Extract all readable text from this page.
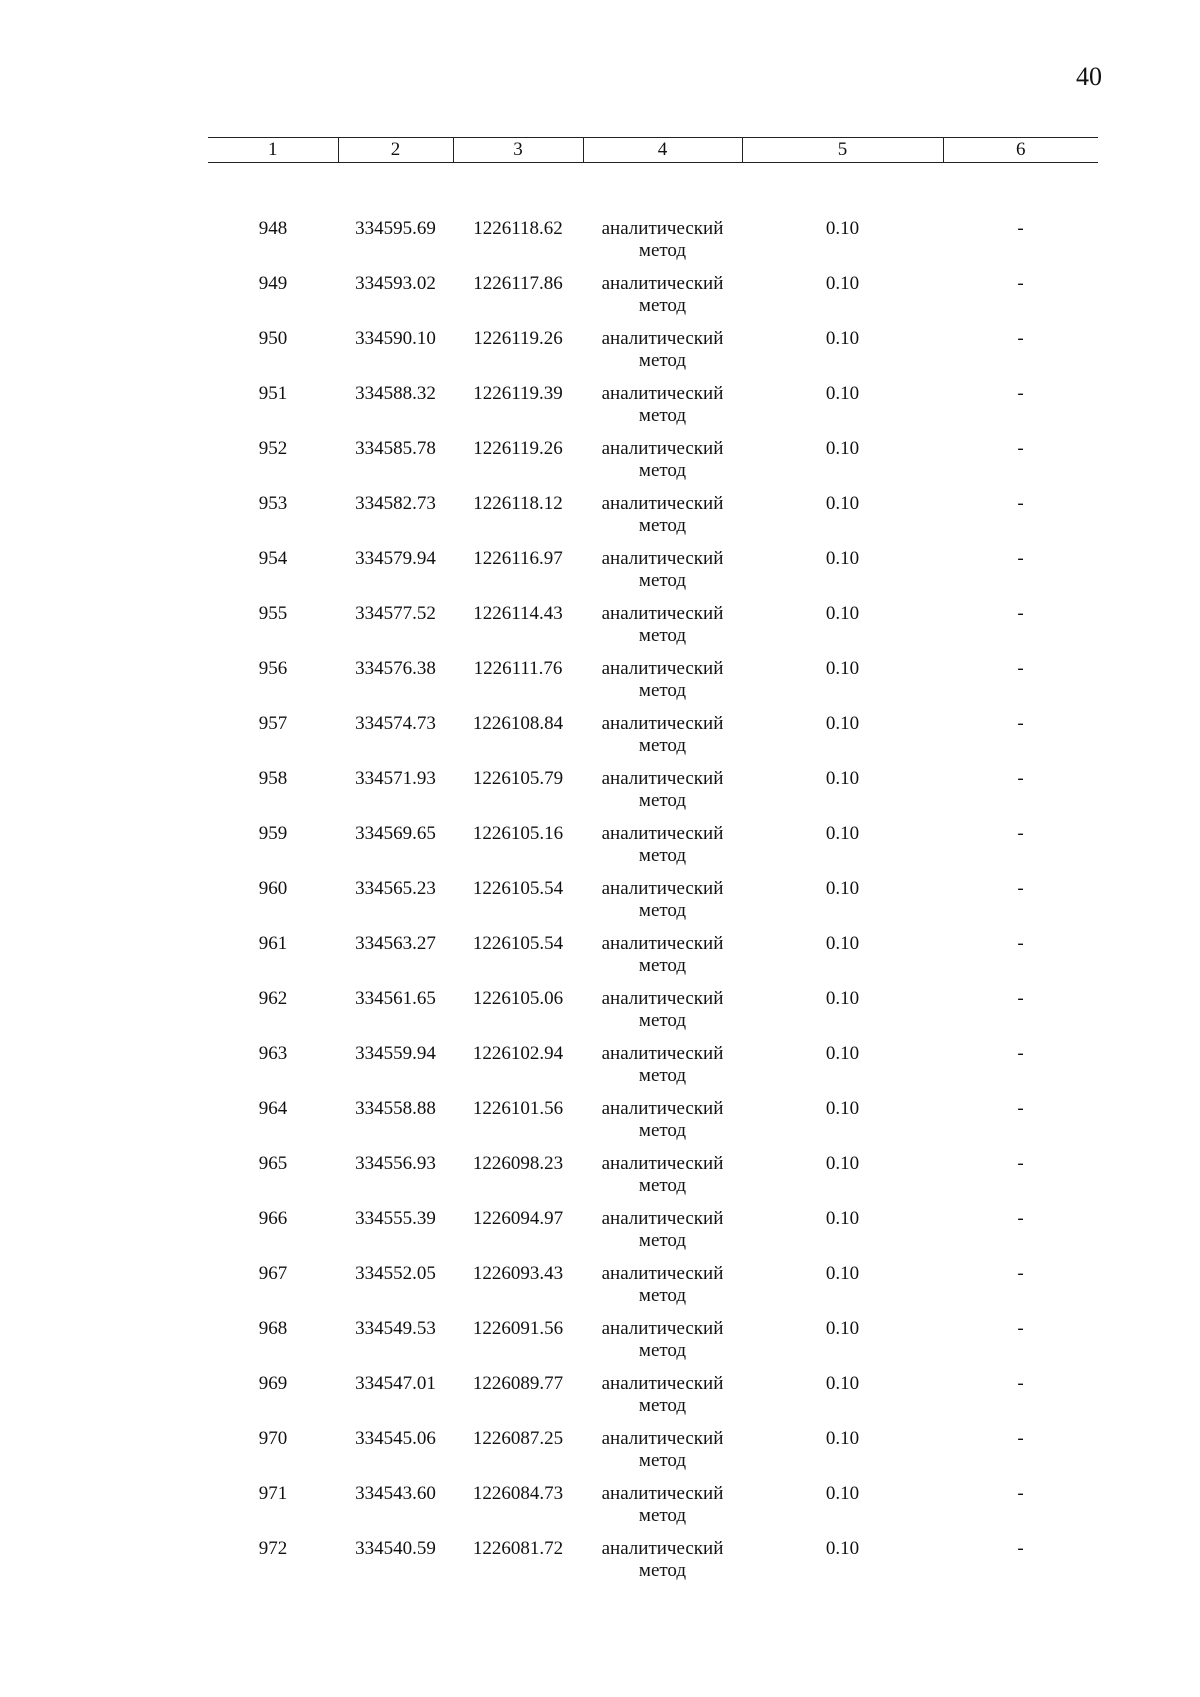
40
1	2	3	4	5	6

948	334595.69	1226118.62	аналитический
метод	0.10	-
949	334593.02	1226117.86	аналитический
метод	0.10	-
950	334590.10	1226119.26	аналитический
метод	0.10	-
951	334588.32	1226119.39	аналитический
метод	0.10	-
952	334585.78	1226119.26	аналитический
метод	0.10	-
953	334582.73	1226118.12	аналитический
метод	0.10	-
954	334579.94	1226116.97	аналитический
метод	0.10	-
955	334577.52	1226114.43	аналитический
метод	0.10	-
956	334576.38	1226111.76	аналитический
метод	0.10	-
957	334574.73	1226108.84	аналитический
метод	0.10	-
958	334571.93	1226105.79	аналитический
метод	0.10	-
959	334569.65	1226105.16	аналитический
метод	0.10	-
960	334565.23	1226105.54	аналитический
метод	0.10	-
961	334563.27	1226105.54	аналитический
метод	0.10	-
962	334561.65	1226105.06	аналитический
метод	0.10	-
963	334559.94	1226102.94	аналитический
метод	0.10	-
964	334558.88	1226101.56	аналитический
метод	0.10	-
965	334556.93	1226098.23	аналитический
метод	0.10	-
966	334555.39	1226094.97	аналитический
метод	0.10	-
967	334552.05	1226093.43	аналитический
метод	0.10	-
968	334549.53	1226091.56	аналитический
метод	0.10	-
969	334547.01	1226089.77	аналитический
метод	0.10	-
970	334545.06	1226087.25	аналитический
метод	0.10	-
971	334543.60	1226084.73	аналитический
метод	0.10	-
972	334540.59	1226081.72	аналитический
метод	0.10	-
